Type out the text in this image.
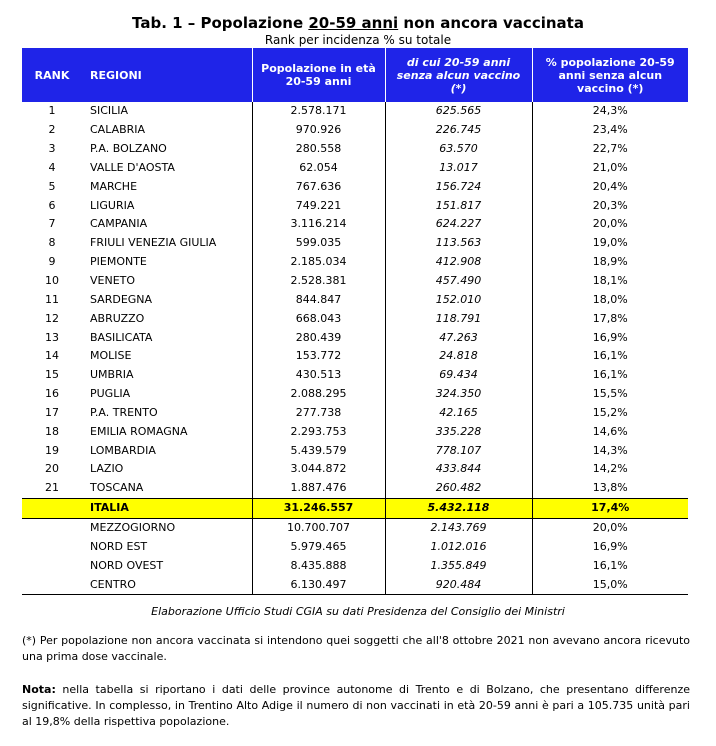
Tab. 1 – Popolazione 20-59 anni non ancora vaccinata
Rank per incidenza % su totale
RANK	REGIONI	Popolazione in età 20-59 anni	di cui 20-59 anni senza alcun vaccino (*)	% popolazione 20-59 anni senza alcun vaccino (*)
1	SICILIA	2.578.171	625.565	24,3%
2	CALABRIA	970.926	226.745	23,4%
3	P.A. BOLZANO	280.558	63.570	22,7%
4	VALLE D'AOSTA	62.054	13.017	21,0%
5	MARCHE	767.636	156.724	20,4%
6	LIGURIA	749.221	151.817	20,3%
7	CAMPANIA	3.116.214	624.227	20,0%
8	FRIULI VENEZIA GIULIA	599.035	113.563	19,0%
9	PIEMONTE	2.185.034	412.908	18,9%
10	VENETO	2.528.381	457.490	18,1%
11	SARDEGNA	844.847	152.010	18,0%
12	ABRUZZO	668.043	118.791	17,8%
13	BASILICATA	280.439	47.263	16,9%
14	MOLISE	153.772	24.818	16,1%
15	UMBRIA	430.513	69.434	16,1%
16	PUGLIA	2.088.295	324.350	15,5%
17	P.A. TRENTO	277.738	42.165	15,2%
18	EMILIA ROMAGNA	2.293.753	335.228	14,6%
19	LOMBARDIA	5.439.579	778.107	14,3%
20	LAZIO	3.044.872	433.844	14,2%
21	TOSCANA	1.887.476	260.482	13,8%
	ITALIA	31.246.557	5.432.118	17,4%
	MEZZOGIORNO	10.700.707	2.143.769	20,0%
	NORD EST	5.979.465	1.012.016	16,9%
	NORD OVEST	8.435.888	1.355.849	16,1%
	CENTRO	6.130.497	920.484	15,0%
Elaborazione Ufficio Studi CGIA su dati Presidenza del Consiglio dei Ministri
(*) Per popolazione non ancora vaccinata si intendono quei soggetti che all'8 ottobre 2021 non avevano ancora ricevuto una prima dose vaccinale.
Nota: nella tabella si riportano i dati delle province autonome di Trento e di Bolzano, che presentano differenze significative. In complesso, in Trentino Alto Adige il numero di non vaccinati in età 20-59 anni è pari a 105.735 unità pari al 19,8% della rispettiva popolazione.
